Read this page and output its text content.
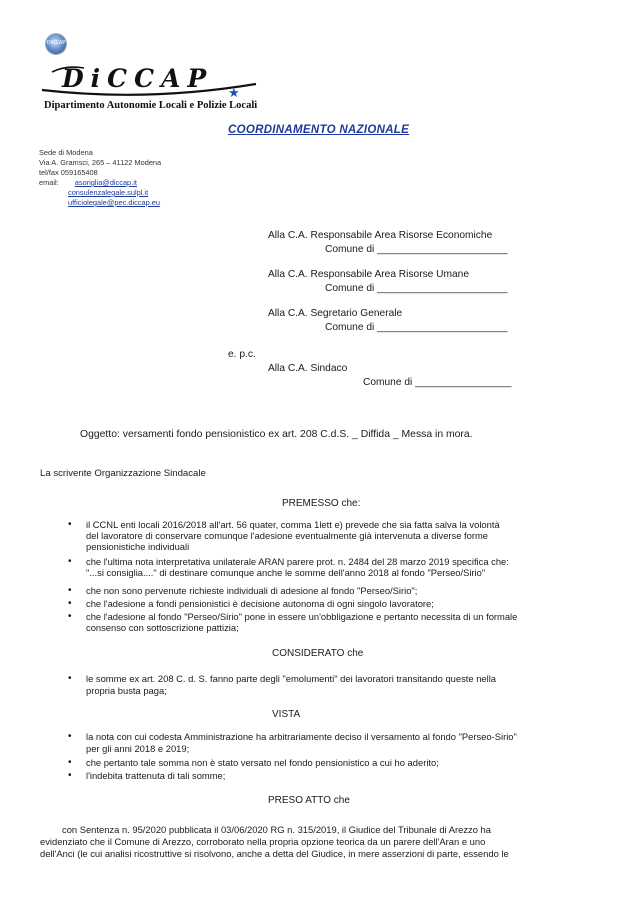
DICCAP
DiCCAP ★
Dipartimento Autonomie Locali e Polizie Locali
COORDINAMENTO NAZIONALE
Sede di Modena
Via A. Gramsci, 265 – 41122 Modena
tel/fax 059165408
email: asoriglia@diccap.it
consulenzalegale.sulpl.it
ufficiolegale@pec.diccap.eu
Alla C.A. Responsabile Area Risorse Economiche
Comune di _______________________
Alla C.A. Responsabile Area Risorse Umane
Comune di _______________________
Alla C.A. Segretario Generale
Comune di _______________________
e. p.c.
Alla C.A. Sindaco
Comune di _________________
Oggetto: versamenti fondo pensionistico ex art. 208 C.d.S. _ Diffida _ Messa in mora.
La scrivente Organizzazione Sindacale
PREMESSO che:
• il CCNL enti locali 2016/2018 all'art. 56 quater, comma 1lett e) prevede che sia fatta salva la volontà
del lavoratore di conservare comunque l'adesione eventualmente già intervenuta a diverse forme
pensionistiche individuali
• che l'ultima nota interpretativa unilaterale ARAN parere prot. n. 2484 del 28 marzo 2019 specifica che:
"...si consiglia...." di destinare comunque anche le somme dell'anno 2018 al fondo "Perseo/Sirio"
• che non sono pervenute richieste individuali di adesione al fondo "Perseo/Sirio";
• che l'adesione a fondi pensionistici è decisione autonoma di ogni singolo lavoratore;
• che l'adesione al fondo "Perseo/Sirio" pone in essere un'obbligazione e pertanto necessita di un formale
consenso con sottoscrizione pattizia;
CONSIDERATO che
• le somme ex art. 208 C. d. S. fanno parte degli "emolumenti" dei lavoratori transitando queste nella
propria busta paga;
VISTA
• la nota con cui codesta Amministrazione ha arbitrariamente deciso il versamento al fondo "Perseo-Sirio"
per gli anni 2018 e 2019;
• che pertanto tale somma non è stato versato nel fondo pensionistico a cui ho aderito;
• l'indebita trattenuta di tali somme;
PRESO ATTO che
con Sentenza n. 95/2020 pubblicata il 03/06/2020 RG n. 315/2019, il Giudice del Tribunale di Arezzo ha
evidenziato che il Comune di Arezzo, corroborato nella propria opzione teorica da un parere dell'Aran e uno
dell'Anci (le cui analisi ricostruttive si risolvono, anche a detta del Giudice, in mere asserzioni di parte, essendo le
